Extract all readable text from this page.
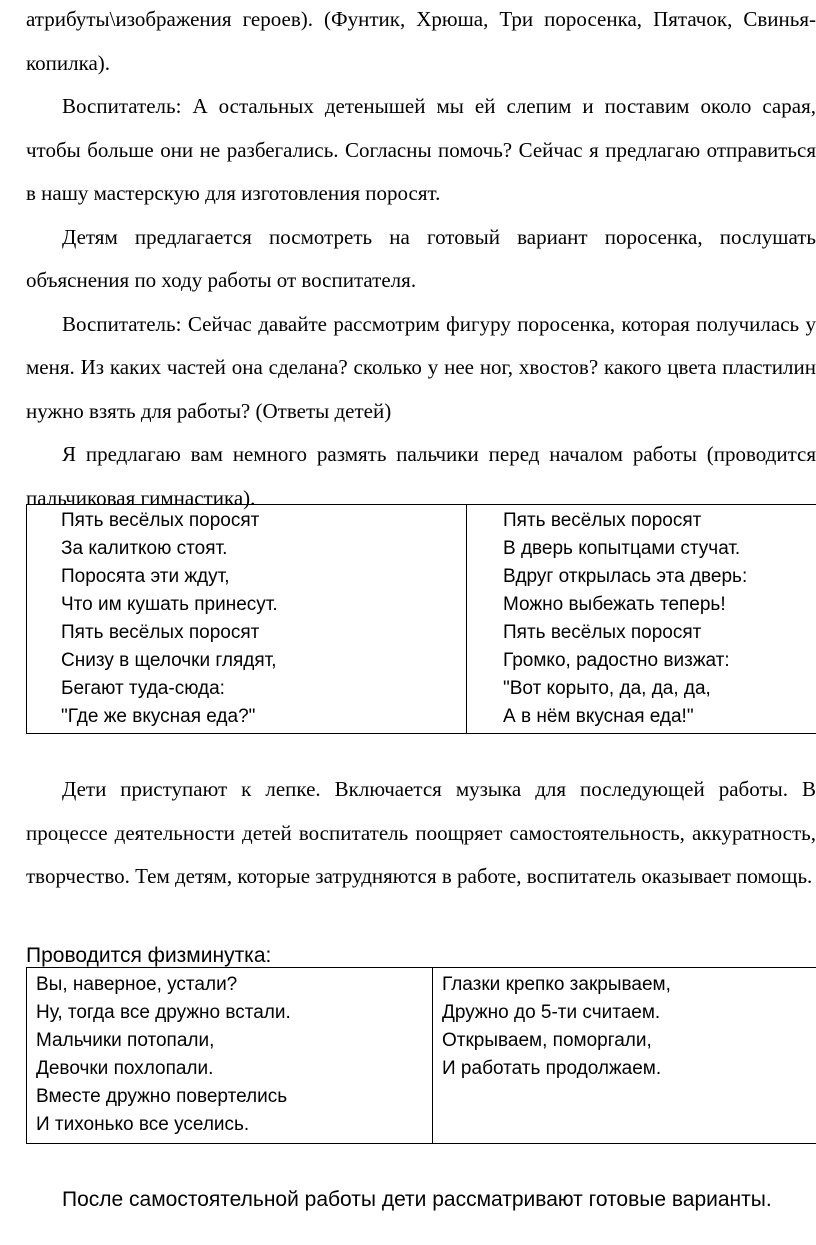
атрибуты\изображения героев). (Фунтик, Хрюша, Три поросенка, Пятачок, Свинья-копилка).

Воспитатель: А остальных детенышей мы ей слепим и поставим около сарая, чтобы больше они не разбегались. Согласны помочь? Сейчас я предлагаю отправиться в нашу мастерскую для изготовления поросят.

Детям предлагается посмотреть на готовый вариант поросенка, послушать объяснения по ходу работы от воспитателя.

Воспитатель: Сейчас давайте рассмотрим фигуру поросенка, которая получилась у меня. Из каких частей она сделана? сколько у нее ног, хвостов? какого цвета пластилин нужно взять для работы? (Ответы детей)

Я предлагаю вам немного размять пальчики перед началом работы (проводится пальчиковая гимнастика).

Пять весёлых поросят
За калиткою стоят.
Поросята эти ждут,
Что им кушать принесут.
Пять весёлых поросят
Снизу в щелочки глядят,
Бегают туда-сюда:
"Где же вкусная еда?"

Пять весёлых поросят
В дверь копытцами стучат.
Вдруг открылась эта дверь:
Можно выбежать теперь!
Пять весёлых поросят
Громко, радостно визжат:
"Вот корыто, да, да, да,
А в нём вкусная еда!"

Дети приступают к лепке. Включается музыка для последующей работы. В процессе деятельности детей воспитатель поощряет самостоятельность, аккуратность, творчество. Тем детям, которые затрудняются в работе, воспитатель оказывает помощь.

Проводится физминутка:
Вы, наверное, устали?
Ну, тогда все дружно встали.
Мальчики потопали,
Девочки похлопали.
Вместе дружно повертелись
И тихонько все уселись.

Глазки крепко закрываем,
Дружно до 5-ти считаем.
Открываем, поморгали,
И работать продолжаем.
После самостоятельной работы дети рассматривают готовые варианты.
